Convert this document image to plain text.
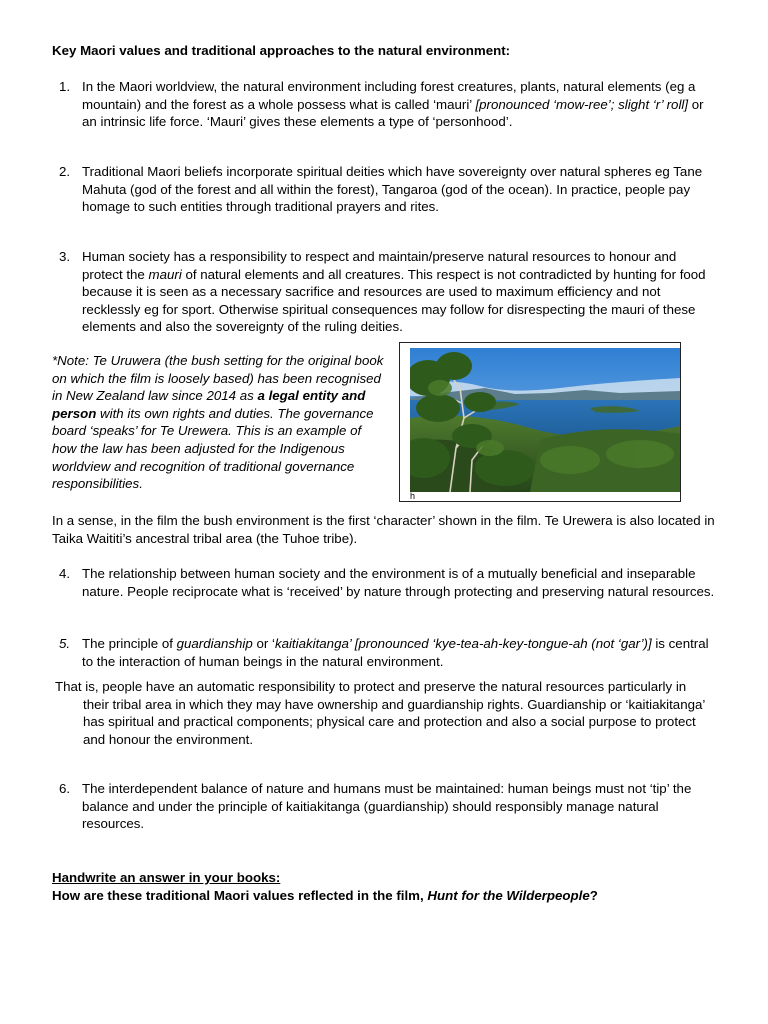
Key Maori values and traditional approaches to the natural environment:
1. In the Maori worldview, the natural environment including forest creatures, plants, natural elements (eg a mountain) and the forest as a whole possess what is called ‘mauri’ [pronounced ‘mow-ree’; slight ‘r’ roll] or an intrinsic life force. ‘Mauri’ gives these elements a type of ‘personhood’.
2. Traditional Maori beliefs incorporate spiritual deities which have sovereignty over natural spheres eg Tane Mahuta (god of the forest and all within the forest), Tangaroa (god of the ocean). In practice, people pay homage to such entities through traditional prayers and rites.
3. Human society has a responsibility to respect and maintain/preserve natural resources to honour and protect the mauri of natural elements and all creatures. This respect is not contradicted by hunting for food because it is seen as a necessary sacrifice and resources are used to maximum efficiency and not recklessly eg for sport. Otherwise spiritual consequences may follow for disrespecting the mauri of these elements and also the sovereignty of the ruling deities.
*Note: Te Uruwera (the bush setting for the original book on which the film is loosely based) has been recognised in New Zealand law since 2014 as a legal entity and person with its own rights and duties. The governance board ‘speaks’ for Te Urewera. This is an example of how the law has been adjusted for the Indigenous worldview and recognition of traditional governance responsibilities.
h
In a sense, in the film the bush environment is the first ‘character’ shown in the film. Te Urewera is also located in Taika Waititi’s ancestral tribal area (the Tuhoe tribe).
4. The relationship between human society and the environment is of a mutually beneficial and inseparable nature. People reciprocate what is ‘received’ by nature through protecting and preserving natural resources.
5. The principle of guardianship or ‘kaitiakitanga’ [pronounced ‘kye-tea-ah-key-tongue-ah (not ‘gar’)] is central to the interaction of human beings in the natural environment.
That is, people have an automatic responsibility to protect and preserve the natural resources particularly in their tribal area in which they may have ownership and guardianship rights. Guardianship or ‘kaitiakitanga’ has spiritual and practical components; physical care and protection and also a social purpose to protect and honour the environment.
6. The interdependent balance of nature and humans must be maintained: human beings must not ‘tip’ the balance and under the principle of kaitiakitanga (guardianship) should responsibly manage natural resources.
Handwrite an answer in your books:
How are these traditional Maori values reflected in the film, Hunt for the Wilderpeople?
